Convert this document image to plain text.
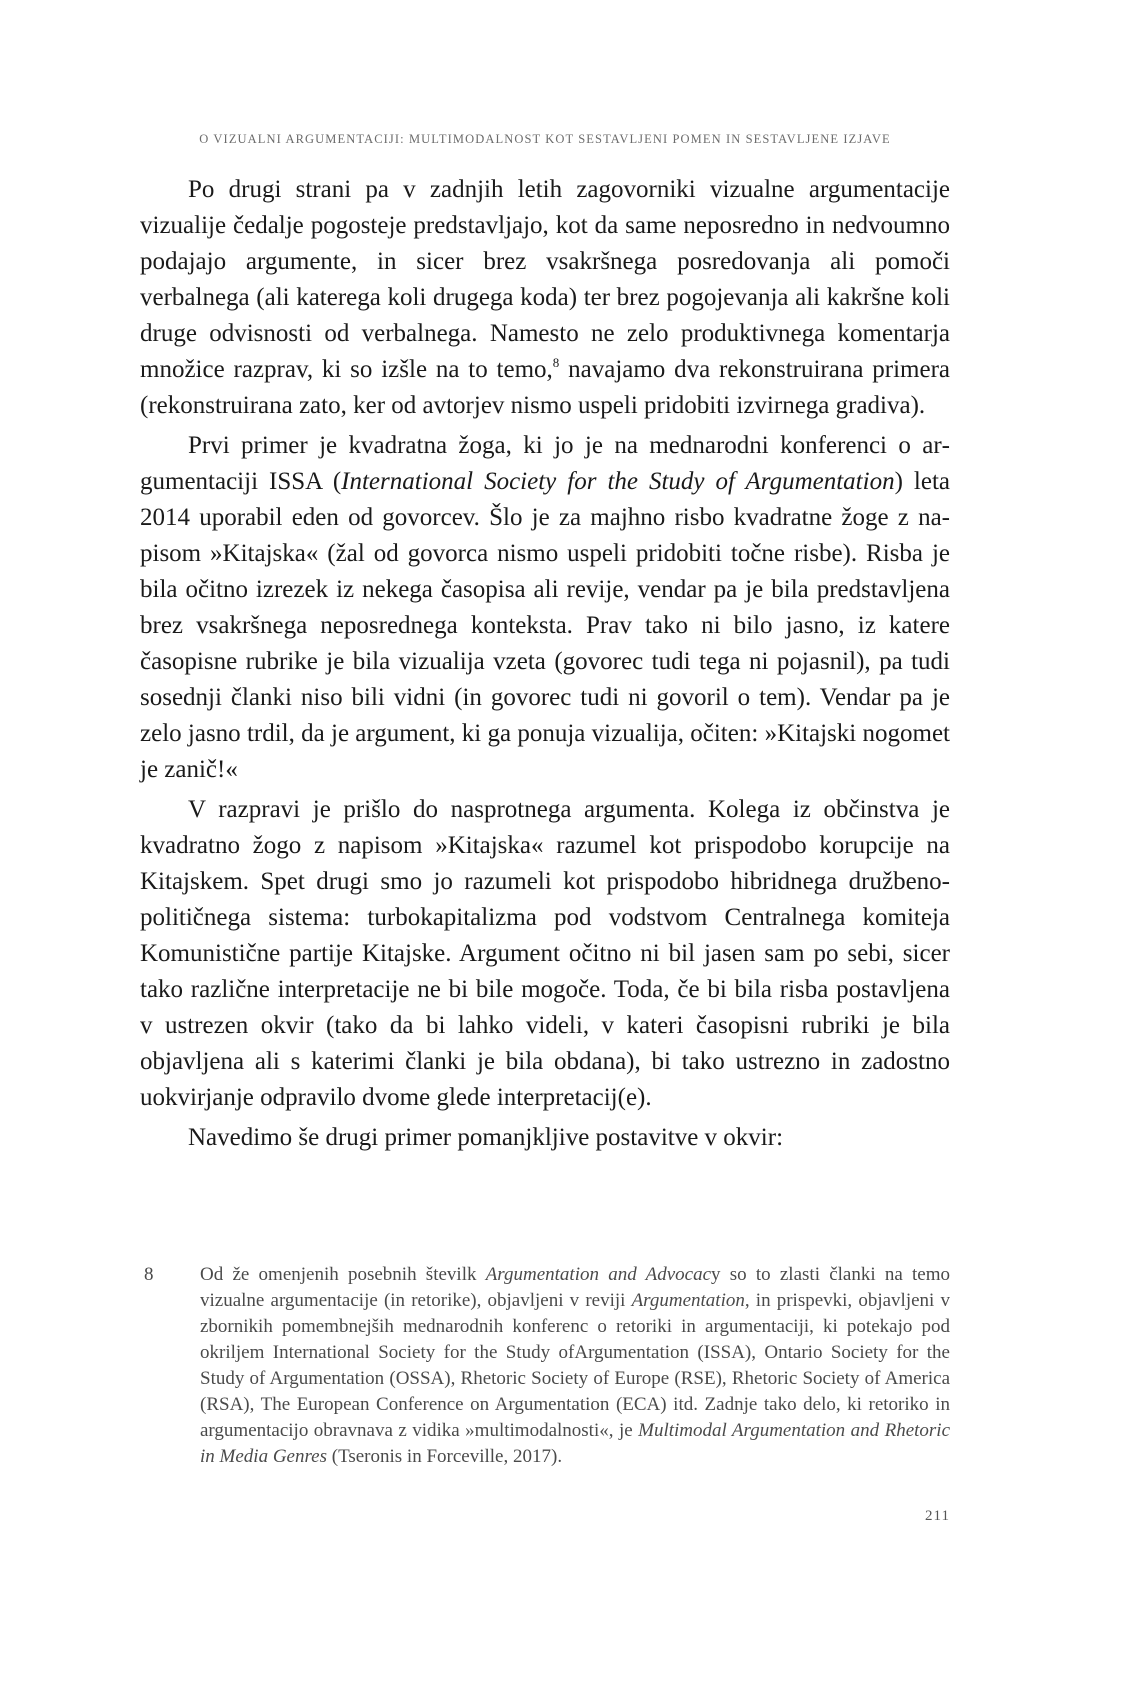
O VIZUALNI ARGUMENTACIJI: MULTIMODALNOST KOT SESTAVLJENI POMEN IN SESTAVLJENE IZJAVE

Po drugi strani pa v zadnjih letih zagovorniki vizualne argumentacije vizualije čedalje pogosteje predstavljajo, kot da same neposredno in nedvoumno podajajo argumente, in sicer brez vsakršnega posredovanja ali pomoči verbalnega (ali katerega koli drugega koda) ter brez pogojevanja ali kakršne koli druge odvisnosti od verbalnega. Namesto ne zelo produktivnega komentarja množice razprav, ki so izšle na to temo,$^8$ navajamo dva rekonstruirana primera (rekonstruirana zato, ker od avtorjev nismo uspeli pridobiti izvirnega gradiva).

Prvi primer je kvadratna žoga, ki jo je na mednarodni konferenci o argumentaciji ISSA (International Society for the Study of Argumentation) leta 2014 uporabil eden od govorcev. Šlo je za majhno risbo kvadratne žoge z napisom »Kitajska« (žal od govorca nismo uspeli pridobiti točne risbe). Risba je bila očitno izrezek iz nekega časopisa ali revije, vendar pa je bila predstavljena brez vsakršnega neposrednega konteksta. Prav tako ni bilo jasno, iz katere časopisne rubrike je bila vizualija vzeta (govorec tudi tega ni pojasnil), pa tudi sosednji članki niso bili vidni (in govorec tudi ni govoril o tem). Vendar pa je zelo jasno trdil, da je argument, ki ga ponuja vizualija, očiten: »Kitajski nogomet je zanič!«

V razpravi je prišlo do nasprotnega argumenta. Kolega iz občinstva je kvadratno žogo z napisom »Kitajska« razumel kot prispodobo korupcije na Kitajskem. Spet drugi smo jo razumeli kot prispodobo hibridnega družbeno-političnega sistema: turbokapitalizma pod vodstvom Centralnega komiteja Komunistične partije Kitajske. Argument očitno ni bil jasen sam po sebi, sicer tako različne interpretacije ne bi bile mogoče. Toda, če bi bila risba postavljena v ustrezen okvir (tako da bi lahko videli, v kateri časopisni rubriki je bila objavljena ali s katerimi članki je bila obdana), bi tako ustrezno in zadostno uokvirjanje odpravilo dvome glede interpretacij(e).

Navedimo še drugi primer pomanjkljive postavitve v okvir:

8	Od že omenjenih posebnih številk Argumentation and Advocacy so to zlasti članki na temo vizualne argumentacije (in retorike), objavljeni v reviji Argumentation, in prispevki, objavljeni v zbornikih pomembnejših mednarodnih konferenc o retoriki in argumentaciji, ki potekajo pod okriljem International Society for the Study ofArgumentation (ISSA), Ontario Society for the Study of Argumentation (OSSA), Rhetoric Society of Europe (RSE), Rhetoric Society of America (RSA), The European Conference on Argumentation (ECA) itd. Zadnje tako delo, ki retoriko in argumentacijo obravnava z vidika »multimodalnosti«, je Multimodal Argumentation and Rhetoric in Media Genres (Tseronis in Forceville, 2017).
211
